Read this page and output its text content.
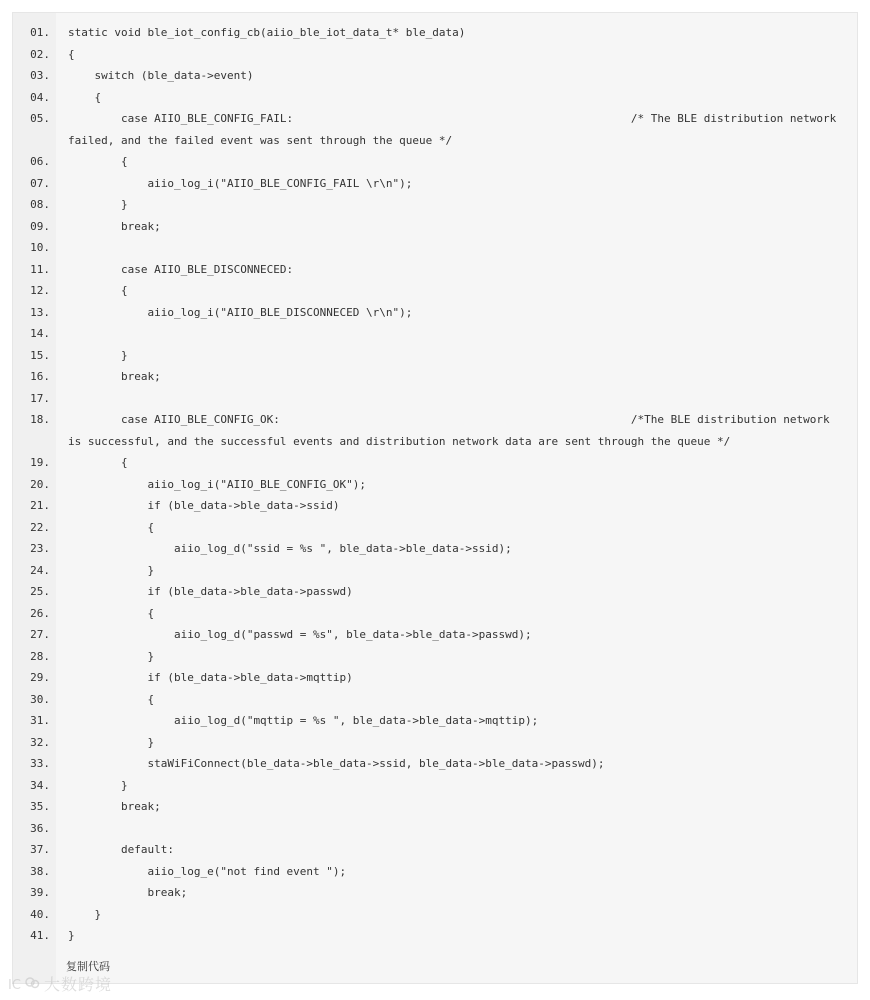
01. static void ble_iot_config_cb(aiio_ble_iot_data_t* ble_data)
02. {
03. switch (ble_data->event)
04. {
05. case AIIO_BLE_CONFIG_FAIL:                                                   /* The BLE distribution network failed, and the failed event was sent through the queue */
06. {
07. aiio_log_i("AIIO_BLE_CONFIG_FAIL \r\n");
08. }
09. break;
10.
11. case AIIO_BLE_DISCONNECED:
12. {
13. aiio_log_i("AIIO_BLE_DISCONNECED \r\n");
14.
15. }
16. break;
17.
18. case AIIO_BLE_CONFIG_OK:                                                     /*The BLE distribution network is successful, and the successful events and distribution network data are sent through the queue */
19. {
20. aiio_log_i("AIIO_BLE_CONFIG_OK");
21. if (ble_data->ble_data->ssid)
22. {
23. aiio_log_d("ssid = %s ", ble_data->ble_data->ssid);
24. }
25. if (ble_data->ble_data->passwd)
26. {
27. aiio_log_d("passwd = %s", ble_data->ble_data->passwd);
28. }
29. if (ble_data->ble_data->mqttip)
30. {
31. aiio_log_d("mqttip = %s ", ble_data->ble_data->mqttip);
32. }
33. staWiFiConnect(ble_data->ble_data->ssid, ble_data->ble_data->passwd);
34. }
35. break;
36.
37. default:
38. aiio_log_e("not find event ");
39. break;
40. }
41. }
复制代码
IC 大数跨境
